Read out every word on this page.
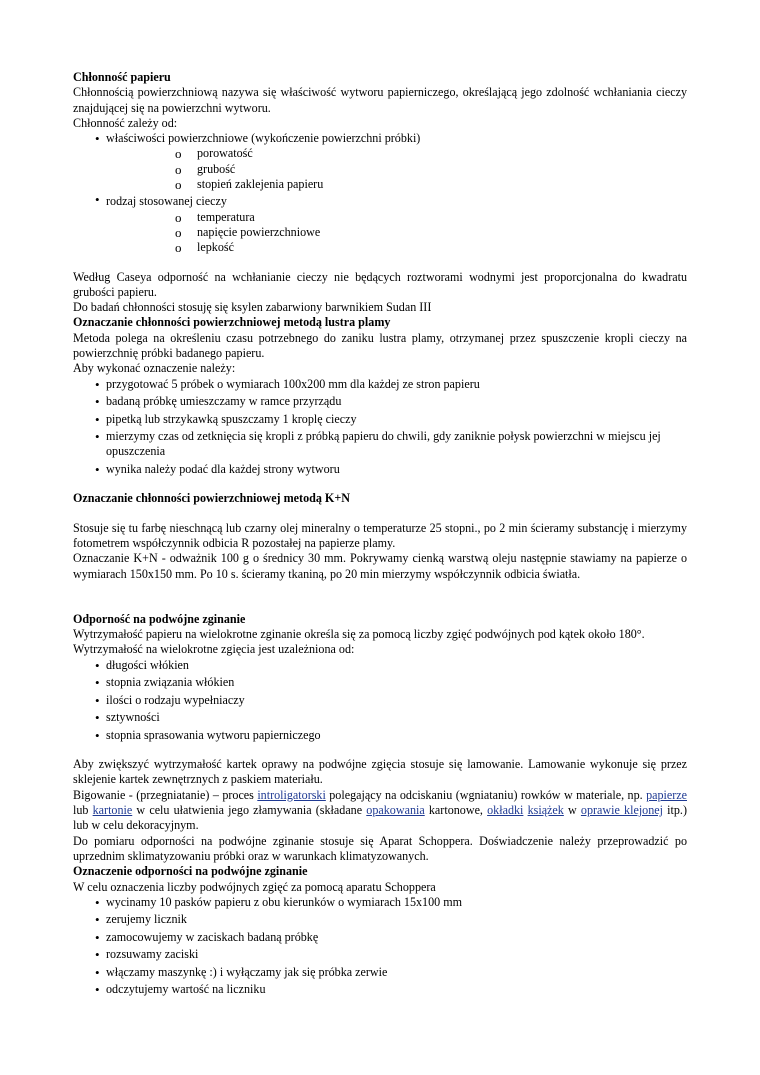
Chłonność papieru

Chłonnością powierzchniową nazywa się właściwość wytworu papierniczego, określającą jego zdolność wchłaniania cieczy znajdującej się na powierzchni wytworu.

Chłonność zależy od:

• właściwości powierzchniowe (wykończenie powierzchni próbki)
o porowatość
o grubość
o stopień zaklejenia papieru
• rodzaj stosowanej cieczy
o temperatura
o napięcie powierzchniowe
o lepkość

Według Caseya odporność na wchłanianie cieczy nie będących roztworami wodnymi jest proporcjonalna do kwadratu grubości papieru.

Do badań chłonności stosuję się ksylen zabarwiony barwnikiem Sudan III

Oznaczanie chłonności powierzchniowej metodą lustra plamy

Metoda polega na określeniu czasu potrzebnego do zaniku lustra plamy, otrzymanej przez spuszczenie kropli cieczy na powierzchnię próbki badanego papieru.

Aby wykonać oznaczenie należy:

• przygotować 5 próbek o wymiarach 100x200 mm dla każdej ze stron papieru
• badaną próbkę umieszczamy w ramce przyrządu
• pipetką lub strzykawką spuszczamy 1 kroplę cieczy
• mierzymy czas od zetknięcia się kropli z próbką papieru do chwili, gdy zaniknie połysk powierzchni w miejscu jej opuszczenia
• wynika należy podać dla każdej strony wytworu

Oznaczanie chłonności powierzchniowej metodą K+N

Stosuje się tu farbę nieschnącą lub czarny olej mineralny o temperaturze 25 stopni., po 2 min ścieramy substancję i mierzymy fotometrem współczynnik odbicia R pozostałej na papierze plamy.

Oznaczanie K+N - odważnik 100 g o średnicy 30 mm. Pokrywamy cienką warstwą oleju następnie stawiamy na papierze o wymiarach 150x150 mm. Po 10 s. ścieramy tkaniną, po 20 min mierzymy współczynnik odbicia światła.

Odporność na podwójne zginanie

Wytrzymałość papieru na wielokrotne zginanie określa się za pomocą liczby zgięć podwójnych pod kątek około 180°.

Wytrzymałość na wielokrotne zgięcia jest uzależniona od:

• długości włókien
• stopnia związania włókien
• ilości o rodzaju wypełniaczy
• sztywności
• stopnia sprasowania wytworu papierniczego

Aby zwiększyć wytrzymałość kartek oprawy na podwójne zgięcia stosuje się lamowanie. Lamowanie wykonuje się przez sklejenie kartek zewnętrznych z paskiem materiału.

Bigowanie - (przegniatanie) – proces introligatorski polegający na odciskaniu (wgniataniu) rowków w materiale, np. papierze lub kartonie w celu ułatwienia jego złamywania (składane opakowania kartonowe, okładki książek w oprawie klejonej itp.) lub w celu dekoracyjnym.

Do pomiaru odporności na podwójne zginanie stosuje się Aparat Schoppera. Doświadczenie należy przeprowadzić po uprzednim sklimatyzowaniu próbki oraz w warunkach klimatyzowanych.

Oznaczenie odporności na podwójne zginanie

W celu oznaczenia liczby podwójnych zgięć za pomocą aparatu Schoppera

• wycinamy 10 pasków papieru z obu kierunków o wymiarach 15x100 mm
• zerujemy licznik
• zamocowujemy w zaciskach badaną próbkę
• rozsuwamy zaciski
• włączamy maszynkę :) i wyłączamy jak się próbka zerwie
• odczytujemy wartość na liczniku
